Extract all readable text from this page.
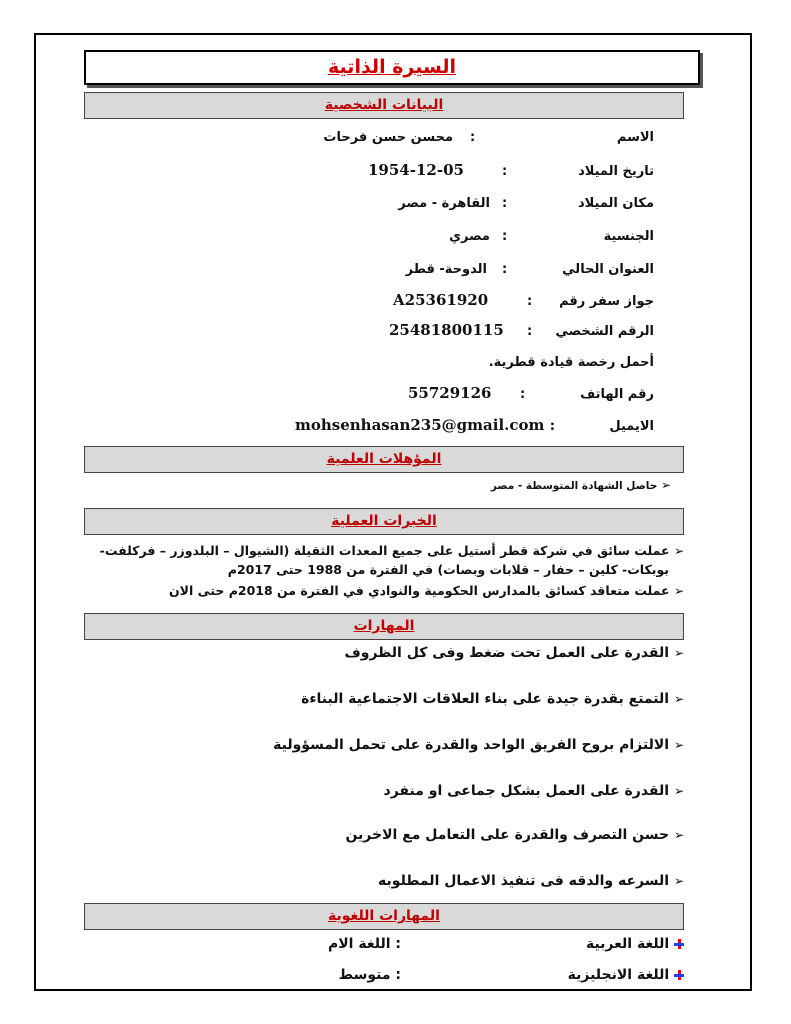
السيرة الذاتية
البيانات الشخصية
الاسم
:
محسن حسن فرحات
تاريخ الميلاد
:
1954-12-05
مكان الميلاد
:
القاهرة - مصر
الجنسية
:
مصري
العنوان الحالي
:
الدوحة- قطر
جواز سفر رقم
:
A25361920
الرقم الشخصي
:
25481800115
أحمل رخصة قيادة قطرية.
رقم الهاتف
:
55729126
الايميل
mohsenhasan235@gmail.com :
المؤهلات العلمية
➢ حاصل الشهادة المتوسطة - مصر
الخبرات العملية
➢ عملت سائق في شركة قطر أستيل على جميع المعدات الثقيلة (الشيوال – البلدوزر – فركلفت-
بوبكات- كلين – حفار – قلابات وبصات) في الفترة من 1988 حتى 2017م
➢ عملت متعاقد كسائق بالمدارس الحكومية والنوادي في الفترة من 2018م حتى الان
المهارات
➢ القدرة على العمل تحت ضغط وفى كل الظروف
➢ التمتع بقدرة جيدة على بناء العلاقات الاجتماعية البناءة
➢ الالتزام بروح الفريق الواحد والقدرة على تحمل المسؤولية
➢ القدرة على العمل بشكل جماعى او منفرد
➢ حسن التصرف والقدرة على التعامل مع الاخرين
➢ السرعه والدقه فى تنفيذ الاعمال المطلوبه
المهارات اللغوية
اللغة العربية
: اللغة الام
اللغة الانجليزية
: متوسط
